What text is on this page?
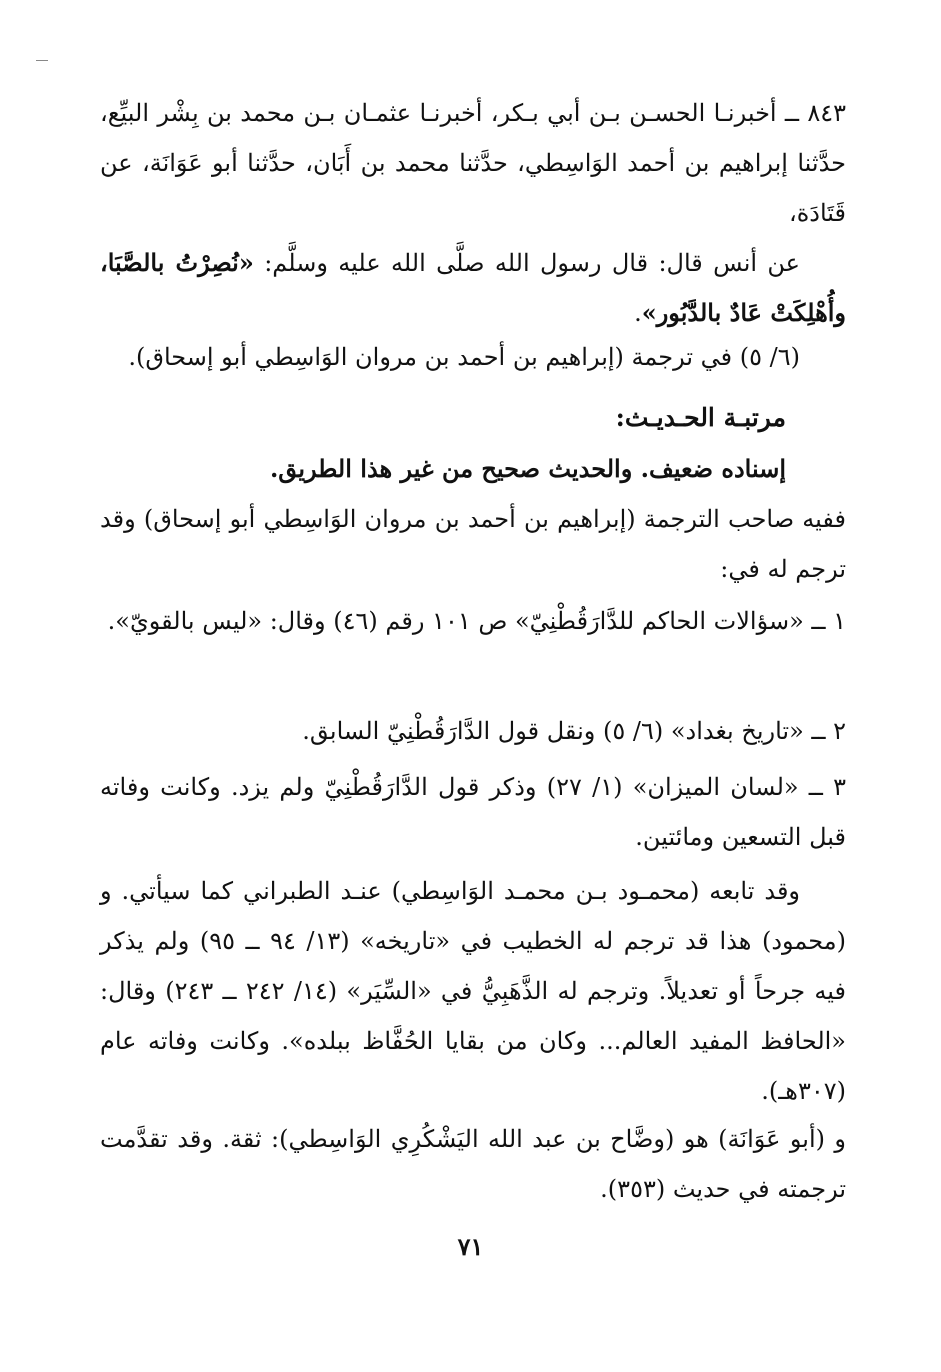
٨٤٣ ــ أخبرنـا الحسـن بـن أبي بـكر، أخبرنـا عثمـان بـن محمد بن بِشْر البيِّع، حدَّثنا إبراهيم بن أحمد الوَاسِطي، حدَّثنا محمد بن أَبَان، حدَّثنا أبو عَوَانَة، عن قَتَادَة،

عن أنس قال: قال رسول الله صلَّى الله عليه وسلَّم: «نُصِرْتُ بالصَّبَا، وأُهْلِكَتْ عَادٌ بالدَّبُور».

(٦/ ٥) في ترجمة (إبراهيم بن أحمد بن مروان الوَاسِطي أبو إسحاق).

مرتبـة الحـديـث:

إسناده ضعيف. والحديث صحيح من غير هذا الطريق.

ففيه صاحب الترجمة (إبراهيم بن أحمد بن مروان الوَاسِطي أبو إسحاق) وقد ترجم له في:

١ ــ «سؤالات الحاكم للدَّارَقُطْنِيّ» ص ١٠١ رقم (٤٦) وقال: «ليس بالقويّ».

٢ ــ «تاريخ بغداد» (٦/ ٥) ونقل قول الدَّارَقُطْنِيّ السابق.

٣ ــ «لسان الميزان» (١/ ٢٧) وذكر قول الدَّارَقُطْنِيّ ولم يزد. وكانت وفاته قبل التسعين ومائتين.

وقد تابعه (محمـود بـن محمـد الوَاسِطي) عنـد الطبراني كما سيأتي. و (محمود) هذا قد ترجم له الخطيب في «تاريخه» (١٣/ ٩٤ ــ ٩٥) ولم يذكر فيه جرحاً أو تعديلاً. وترجم له الذَّهَبِيُّ في «السِّيَر» (١٤/ ٢٤٢ ــ ٢٤٣) وقال: «الحافظ المفيد العالم... وكان من بقايا الحُفَّاظ ببلده». وكانت وفاته عام (٣٠٧هـ).

و (أبو عَوَانَة) هو (وضَّاح بن عبد الله اليَشْكُرِي الوَاسِطي): ثقة. وقد تقدَّمت ترجمته في حديث (٣٥٣).

٧١
